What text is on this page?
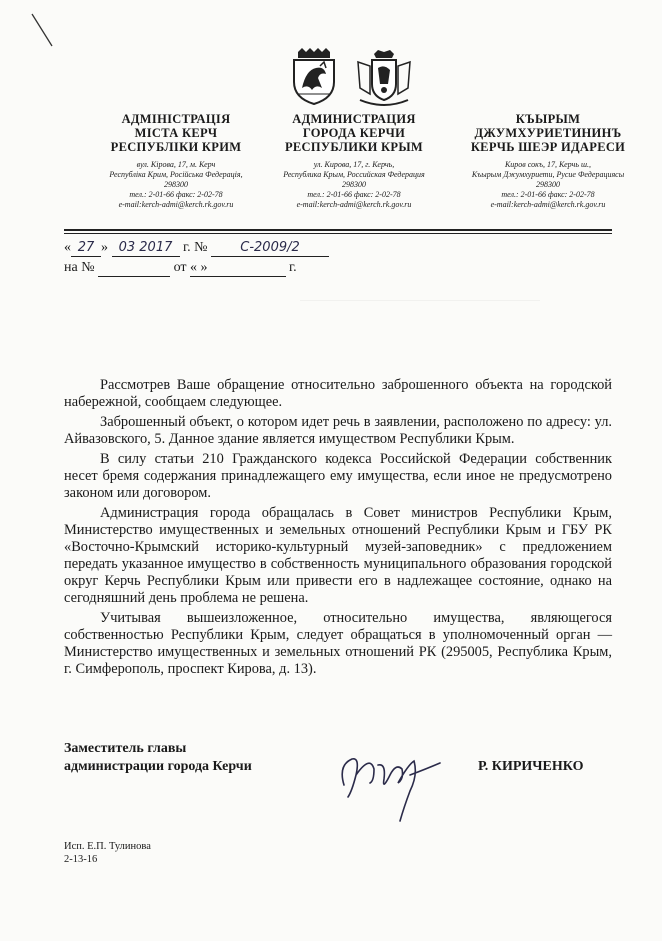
АДМІНІСТРАЦІЯ
МІСТА КЕРЧ
РЕСПУБЛІКИ КРИМ
вул. Кірова, 17, м. Керч
Республіка Крим, Російська Федерація,
298300
тел.: 2-01-66 факс: 2-02-78
e-mail:kerch-admi@kerch.rk.gov.ru
АДМИНИСТРАЦИЯ
ГОРОДА КЕРЧИ
РЕСПУБЛИКИ КРЫМ
ул. Кирова, 17, г. Керчь,
Республика Крым, Российская Федерация
298300
тел.: 2-01-66 факс: 2-02-78
e-mail:kerch-admi@kerch.rk.gov.ru
КЪЫРЫМ
ДЖУМХУРИЕТИНИНЪ
КЕРЧЬ ШЕЭР ИДАРЕСИ
Киров сокъ, 17, Керчь ш.,
Къырым Джумхуриети, Русие Федерациясы
298300
тел.: 2-01-66 факс: 2-02-78
e-mail:kerch-admi@kerch.rk.gov.ru
« 27 » 03 2017 г. №	С-2009/2
на №	от « »	г.

Рассмотрев Ваше обращение относительно заброшенного объекта на городской набережной, сообщаем следующее.

Заброшенный объект, о котором идет речь в заявлении, расположено по адресу: ул. Айвазовского, 5. Данное здание является имуществом Республики Крым.

В силу статьи 210 Гражданского кодекса Российской Федерации собственник несет бремя содержания принадлежащего ему имущества, если иное не предусмотрено законом или договором.

Администрация города обращалась в Совет министров Республики Крым, Министерство имущественных и земельных отношений Республики Крым и ГБУ РК «Восточно-Крымский историко-культурный музей-заповедник» с предложением передать указанное имущество в собственность муниципального образования городской округ Керчь Республики Крым или привести его в надлежащее состояние, однако на сегодняшний день проблема не решена.

Учитывая вышеизложенное, относительно имущества, являющегося собственностью Республики Крым, следует обращаться в уполномоченный орган — Министерство имущественных и земельных отношений РК (295005, Республика Крым, г. Симферополь, проспект Кирова, д. 13).

Заместитель главы
администрации города Керчи	Р. КИРИЧЕНКО
Исп. Е.П. Тулинова
2-13-16
